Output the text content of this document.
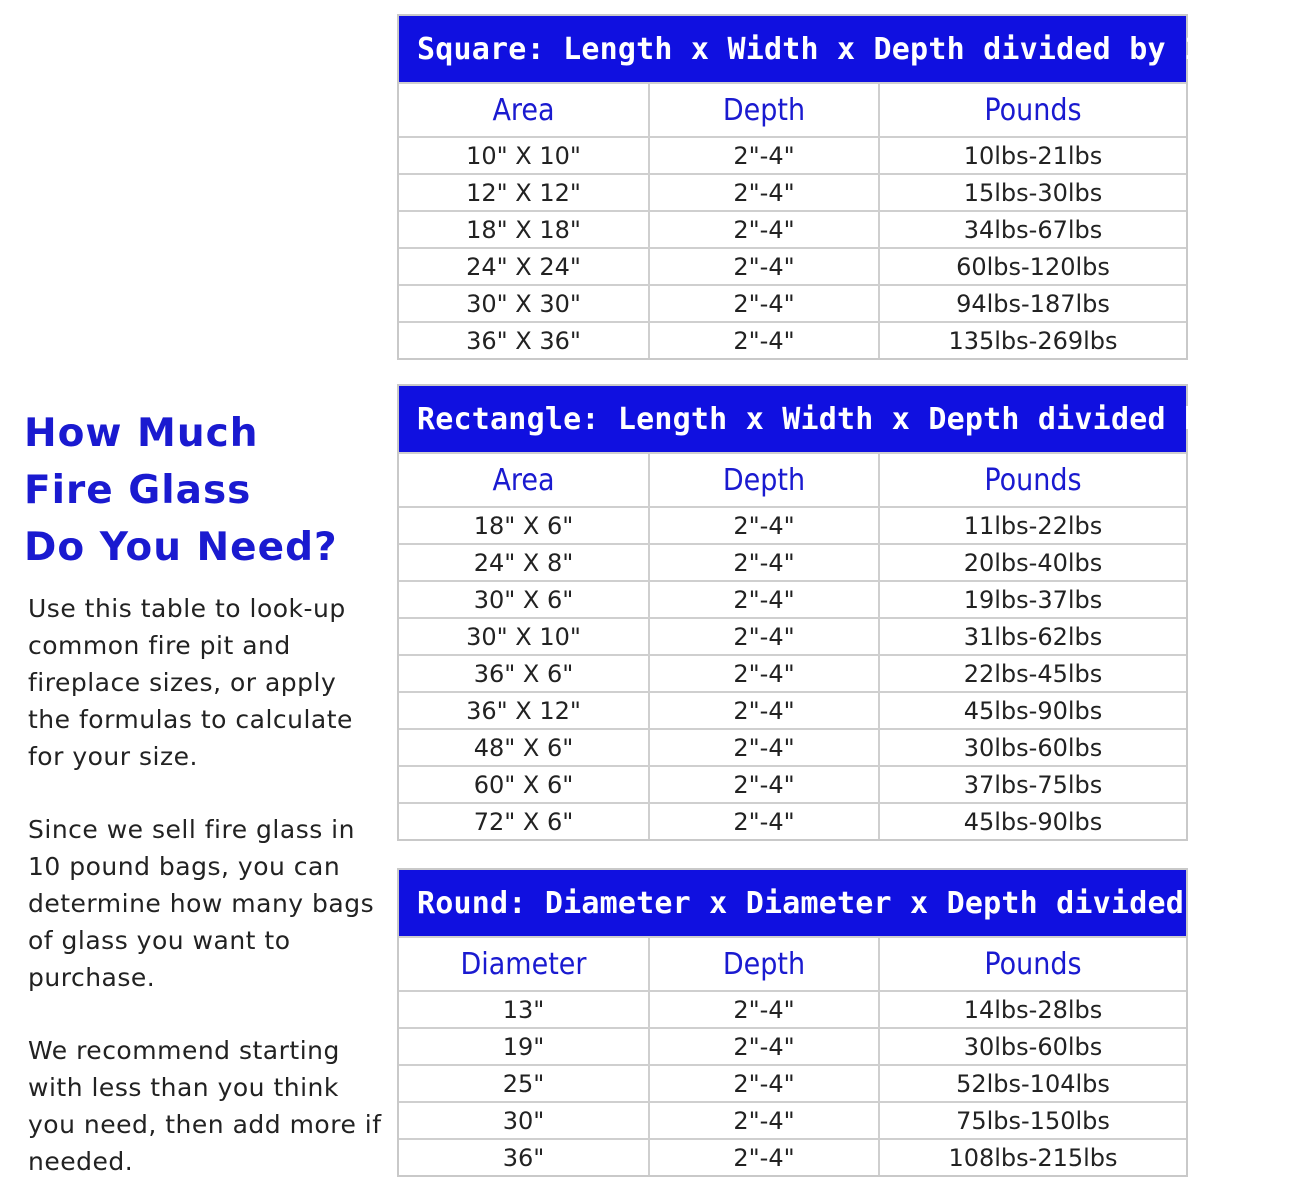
How Much
Fire Glass
Do You Need?
Use this table to look-up common fire pit and fireplace sizes, or apply the formulas to calculate for your size.
Since we sell fire glass in 10 pound bags, you can determine how many bags of glass you want to purchase.
We recommend starting with less than you think you need, then add more if needed.
Square: Length x Width x Depth divided by 19
Area	Depth	Pounds
10" X 10"	2"-4"	10lbs-21lbs
12" X 12"	2"-4"	15lbs-30lbs
18" X 18"	2"-4"	34lbs-67lbs
24" X 24"	2"-4"	60lbs-120lbs
30" X 30"	2"-4"	94lbs-187lbs
36" X 36"	2"-4"	135lbs-269lbs
Rectangle: Length x Width x Depth divided by 19
Area	Depth	Pounds
18" X 6"	2"-4"	11lbs-22lbs
24" X 8"	2"-4"	20lbs-40lbs
30" X 6"	2"-4"	19lbs-37lbs
30" X 10"	2"-4"	31lbs-62lbs
36" X 6"	2"-4"	22lbs-45lbs
36" X 12"	2"-4"	45lbs-90lbs
48" X 6"	2"-4"	30lbs-60lbs
60" X 6"	2"-4"	37lbs-75lbs
72" X 6"	2"-4"	45lbs-90lbs
Round: Diameter x Diameter x Depth divided by 24
Diameter	Depth	Pounds
13"	2"-4"	14lbs-28lbs
19"	2"-4"	30lbs-60lbs
25"	2"-4"	52lbs-104lbs
30"	2"-4"	75lbs-150lbs
36"	2"-4"	108lbs-215lbs
